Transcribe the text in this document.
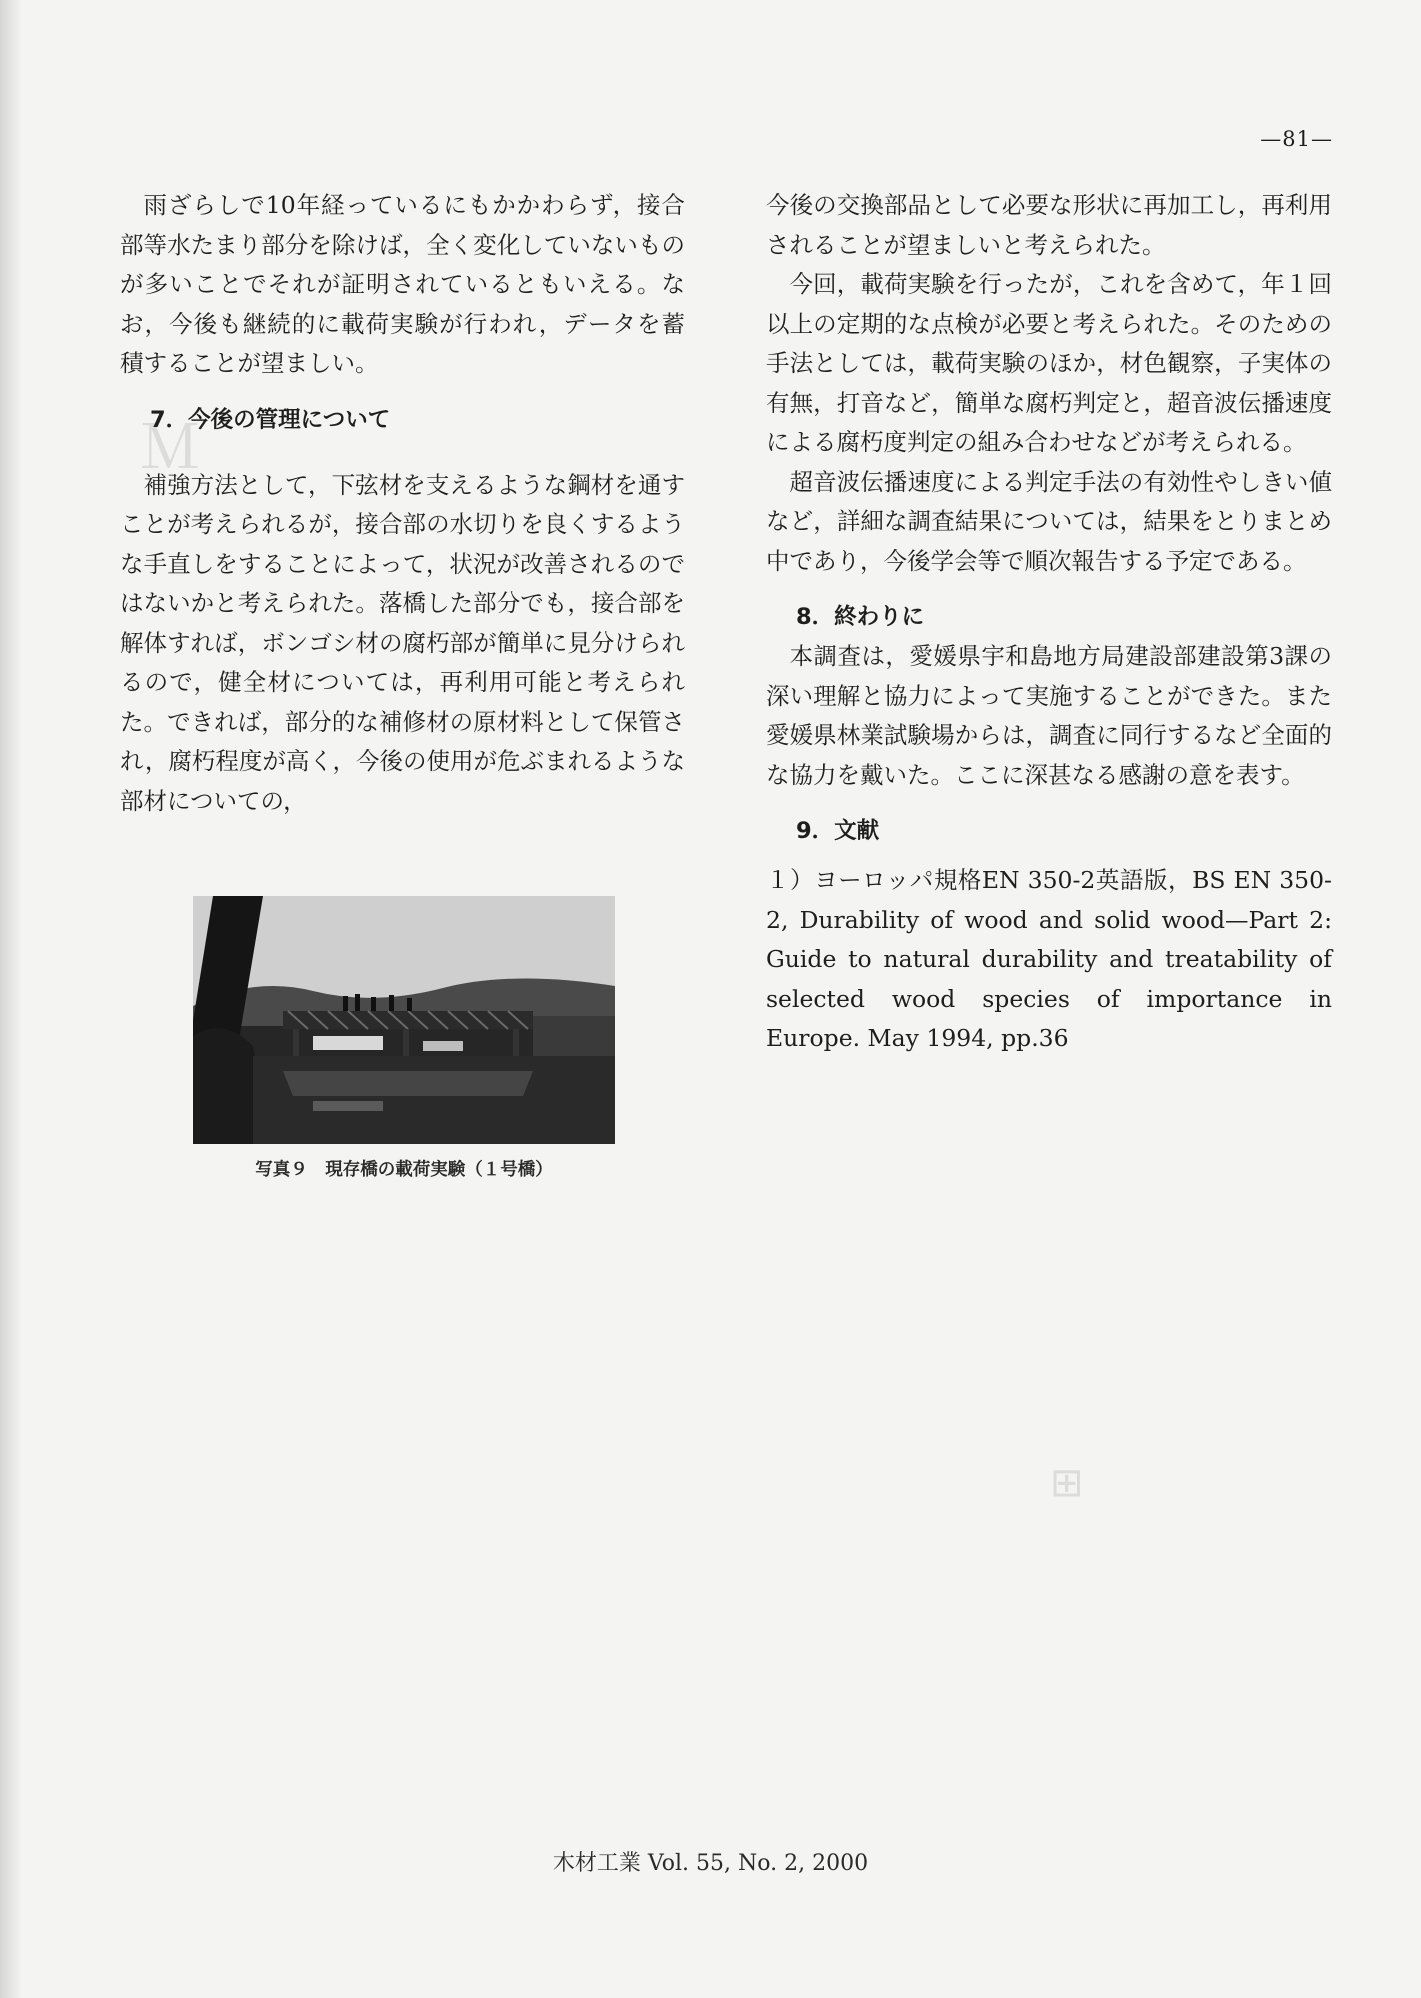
Ｍ
⊞
—81—

雨ざらしで10年経っているにもかかわらず，接合部等水たまり部分を除けば，全く変化していないものが多いことでそれが証明されているともいえる。なお，今後も継続的に載荷実験が行われ，データを蓄積することが望ましい。

7．今後の管理について

補強方法として，下弦材を支えるような鋼材を通すことが考えられるが，接合部の水切りを良くするような手直しをすることによって，状況が改善されるのではないかと考えられた。落橋した部分でも，接合部を解体すれば，ボンゴシ材の腐朽部が簡単に見分けられるので，健全材については，再利用可能と考えられた。できれば，部分的な補修材の原材料として保管され，腐朽程度が高く，今後の使用が危ぶまれるような部材についての，

写真９　現存橋の載荷実験（１号橋）

今後の交換部品として必要な形状に再加工し，再利用されることが望ましいと考えられた。

今回，載荷実験を行ったが，これを含めて，年１回以上の定期的な点検が必要と考えられた。そのための手法としては，載荷実験のほか，材色観察，子実体の有無，打音など，簡単な腐朽判定と，超音波伝播速度による腐朽度判定の組み合わせなどが考えられる。

超音波伝播速度による判定手法の有効性やしきい値など，詳細な調査結果については，結果をとりまとめ中であり，今後学会等で順次報告する予定である。

8．終わりに

本調査は，愛媛県宇和島地方局建設部建設第3課の深い理解と協力によって実施することができた。また愛媛県林業試験場からは，調査に同行するなど全面的な協力を戴いた。ここに深甚なる感謝の意を表す。

9．文献

１）ヨーロッパ規格EN 350-2英語版，BS EN 350-2, Durability of wood and solid wood—Part 2: Guide to natural durability and treatability of selected wood species of importance in Europe. May 1994, pp.36

木材工業 Vol. 55, No. 2, 2000
